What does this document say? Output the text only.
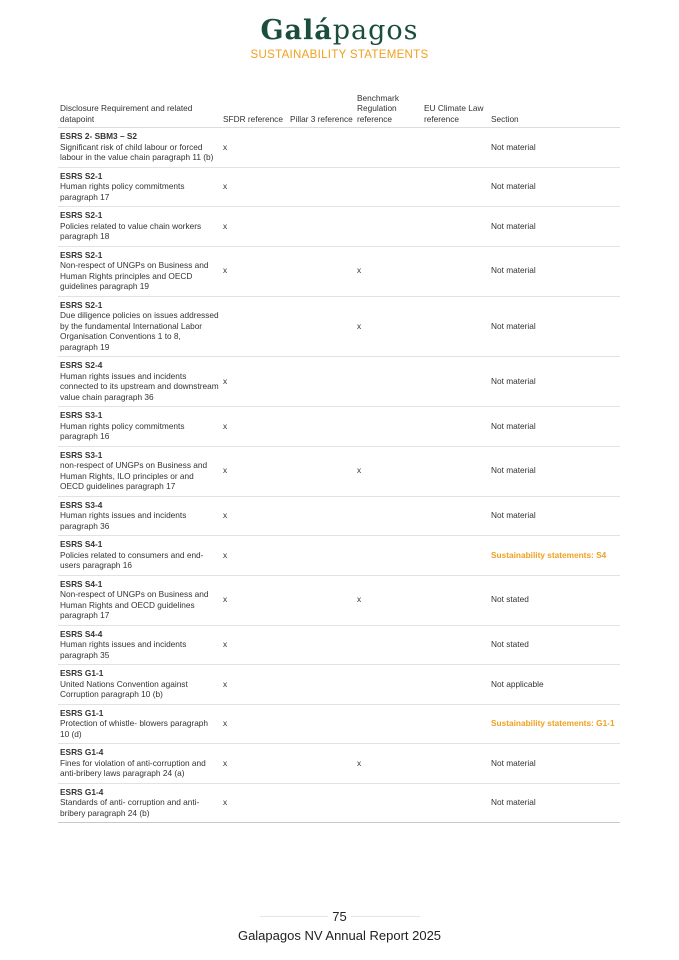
Galápagos
SUSTAINABILITY STATEMENTS
Disclosure Requirement and related datapoint	SFDR reference	Pillar 3 reference	Benchmark Regulation reference	EU Climate Law reference	Section

ESRS 2- SBM3 – S2
Significant risk of child labour or forced labour in the value chain paragraph 11 (b)	x				Not material

ESRS S2-1
Human rights policy commitments paragraph 17	x				Not material

ESRS S2-1
Policies related to value chain workers paragraph 18	x				Not material

ESRS S2-1
Non-respect of UNGPs on Business and Human Rights principles and OECD guidelines paragraph 19	x		x		Not material

ESRS S2-1
Due diligence policies on issues addressed by the fundamental International Labor Organisation Conventions 1 to 8, paragraph 19			x		Not material

ESRS S2-4
Human rights issues and incidents connected to its upstream and downstream value chain paragraph 36	x				Not material

ESRS S3-1
Human rights policy commitments paragraph 16	x				Not material

ESRS S3-1
non-respect of UNGPs on Business and Human Rights, ILO principles or and OECD guidelines paragraph 17	x		x		Not material

ESRS S3-4
Human rights issues and incidents paragraph 36	x				Not material

ESRS S4-1
Policies related to consumers and end-users paragraph 16	x				Sustainability statements: S4

ESRS S4-1
Non-respect of UNGPs on Business and Human Rights and OECD guidelines paragraph 17	x		x		Not stated

ESRS S4-4
Human rights issues and incidents paragraph 35	x				Not stated

ESRS G1-1
United Nations Convention against Corruption paragraph 10 (b)	x				Not applicable

ESRS G1-1
Protection of whistle- blowers paragraph 10 (d)	x				Sustainability statements: G1-1

ESRS G1-4
Fines for violation of anti-corruption and anti-bribery laws paragraph 24 (a)	x		x		Not material

ESRS G1-4
Standards of anti- corruption and anti-bribery paragraph 24 (b)	x				Not material
75
Galapagos NV Annual Report 2025
